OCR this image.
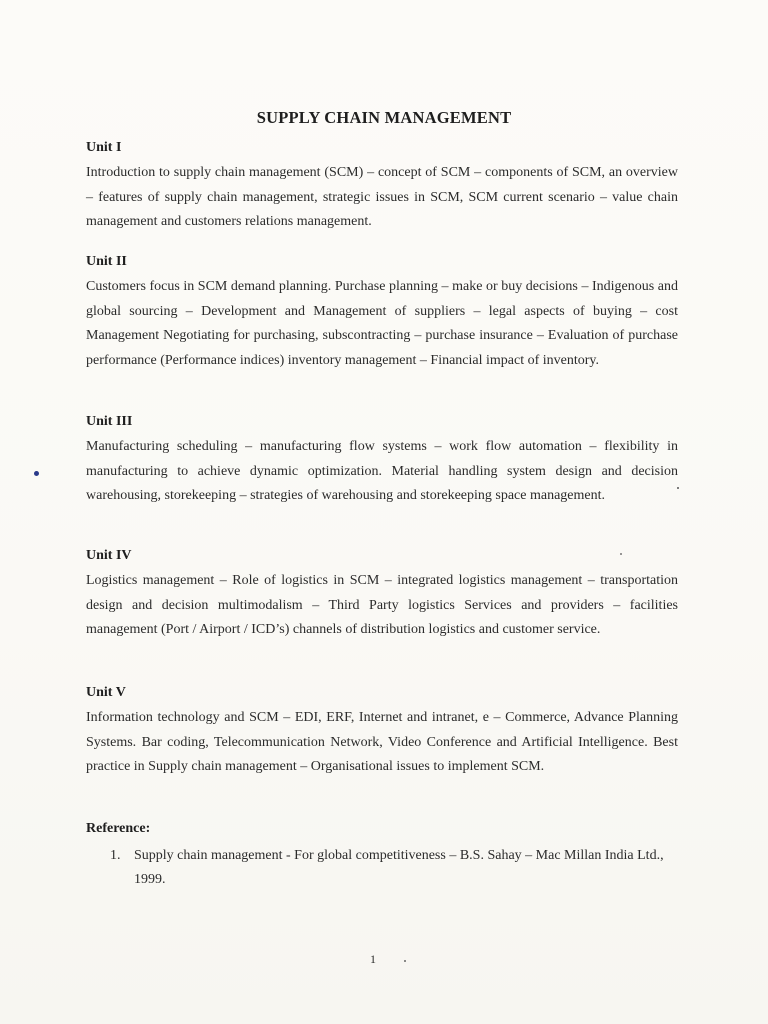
SUPPLY CHAIN MANAGEMENT
Unit I

Introduction to supply chain management (SCM) – concept of SCM – components of SCM, an overview – features of supply chain management, strategic issues in SCM, SCM current scenario – value chain management and customers relations management.

Unit II

Customers focus in SCM demand planning. Purchase planning – make or buy decisions – Indigenous and global sourcing – Development and Management of suppliers – legal aspects of buying – cost Management Negotiating for purchasing, subscontracting – purchase insurance – Evaluation of purchase performance (Performance indices) inventory management – Financial impact of inventory.

Unit III

Manufacturing scheduling – manufacturing flow systems – work flow automation – flexibility in manufacturing to achieve dynamic optimization. Material handling system design and decision warehousing, storekeeping – strategies of warehousing and storekeeping space management.

Unit IV

Logistics management – Role of logistics in SCM – integrated logistics management – transportation design and decision multimodalism – Third Party logistics Services and providers – facilities management (Port / Airport / ICD’s) channels of distribution logistics and customer service.

Unit V

Information technology and SCM – EDI, ERF, Internet and intranet, e – Commerce, Advance Planning Systems. Bar coding, Telecommunication Network, Video Conference and Artificial Intelligence. Best practice in Supply chain management – Organisational issues to implement SCM.

Reference:
1. Supply chain management - For global competitiveness – B.S. Sahay – Mac Millan India Ltd., 1999.
1
